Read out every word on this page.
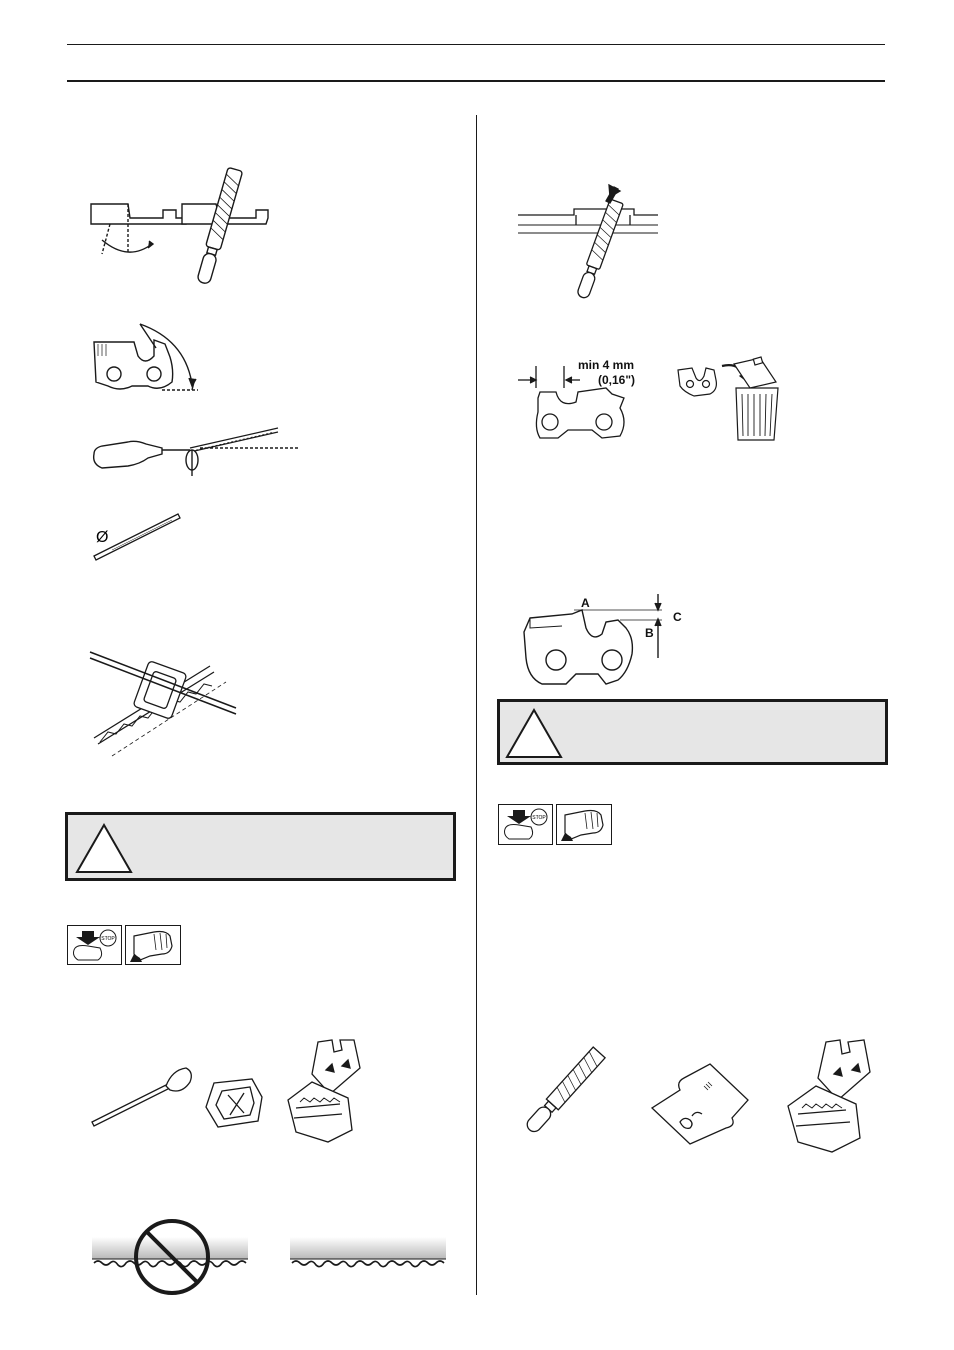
Ø
STOP
min 4 mm
(0,16")
A
B
C
STOP
